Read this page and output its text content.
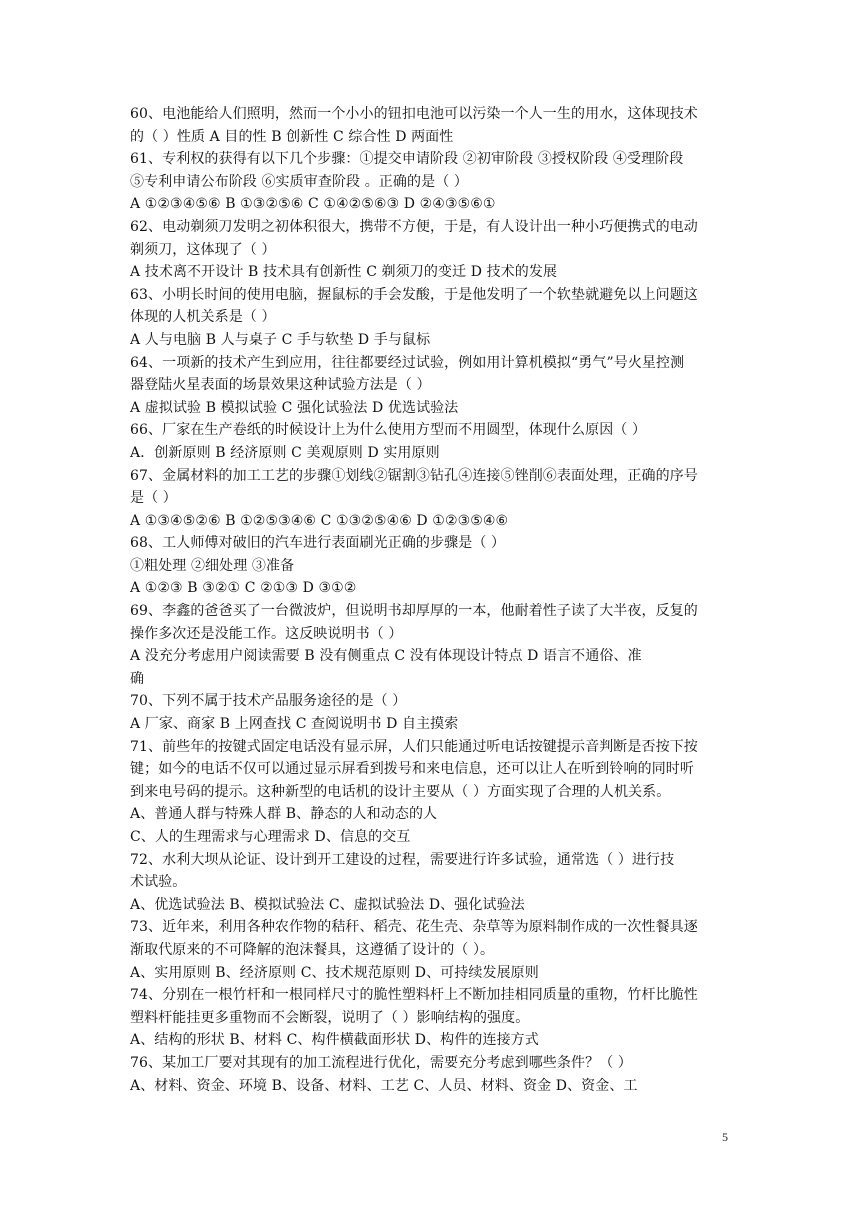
60、电池能给人们照明，然而一个小小的钮扣电池可以污染一个人一生的用水，这体现技术
的（ ）性质 A 目的性 B 创新性 C 综合性 D 两面性
61、专利权的获得有以下几个步骤：①提交申请阶段 ②初审阶段 ③授权阶段 ④受理阶段
⑤专利申请公布阶段 ⑥实质审查阶段 。正确的是（ ）
A ①②③④⑤⑥ B ①③②⑤⑥ C ①④②⑤⑥③ D ②④③⑤⑥①
62、电动剃须刀发明之初体积很大，携带不方便，于是，有人设计出一种小巧便携式的电动
剃须刀，这体现了（ ）
A 技术离不开设计 B 技术具有创新性 C 剃须刀的变迁 D 技术的发展
63、小明长时间的使用电脑，握鼠标的手会发酸，于是他发明了一个软垫就避免以上问题这
体现的人机关系是（ ）
A 人与电脑 B 人与桌子 C 手与软垫 D 手与鼠标
64、一项新的技术产生到应用，往往都要经过试验，例如用计算机模拟“勇气”号火星控测
器登陆火星表面的场景效果这种试验方法是（ ）
A 虚拟试验 B 模拟试验 C 强化试验法 D 优选试验法
66、厂家在生产卷纸的时候设计上为什么使用方型而不用圆型，体现什么原因（ ）
A．创新原则 B 经济原则 C 美观原则 D 实用原则
67、金属材料的加工工艺的步骤①划线②锯割③钻孔④连接⑤锉削⑥表面处理，正确的序号
是（ ）
A ①③④⑤②⑥ B ①②⑤③④⑥ C ①③②⑤④⑥ D ①②③⑤④⑥
68、工人师傅对破旧的汽车进行表面刷光正确的步骤是（ ）
①粗处理 ②细处理 ③准备
A ①②③ B ③②① C ②①③ D ③①②
69、李鑫的爸爸买了一台微波炉，但说明书却厚厚的一本，他耐着性子读了大半夜，反复的
操作多次还是没能工作。这反映说明书（ ）
A 没充分考虑用户阅读需要 B 没有侧重点 C 没有体现设计特点 D 语言不通俗、准
确
70、下列不属于技术产品服务途径的是（ ）
A 厂家、商家 B 上网查找 C 查阅说明书 D 自主摸索
71、前些年的按键式固定电话没有显示屏，人们只能通过听电话按键提示音判断是否按下按
键；如今的电话不仅可以通过显示屏看到拨号和来电信息，还可以让人在听到铃响的同时听
到来电号码的提示。这种新型的电话机的设计主要从（ ）方面实现了合理的人机关系。
A、普通人群与特殊人群 B、静态的人和动态的人
C、人的生理需求与心理需求 D、信息的交互
72、水利大坝从论证、设计到开工建设的过程，需要进行许多试验，通常选（ ）进行技
术试验。
A、优选试验法 B、模拟试验法 C、虚拟试验法 D、强化试验法
73、近年来，利用各种农作物的秸秆、稻壳、花生壳、杂草等为原料制作成的一次性餐具逐
渐取代原来的不可降解的泡沫餐具，这遵循了设计的（ ）。
A、实用原则 B、经济原则 C、技术规范原则 D、可持续发展原则
74、分别在一根竹杆和一根同样尺寸的脆性塑料杆上不断加挂相同质量的重物，竹杆比脆性
塑料杆能挂更多重物而不会断裂，说明了（ ）影响结构的强度。
A、结构的形状 B、材料 C、构件横截面形状 D、构件的连接方式
76、某加工厂要对其现有的加工流程进行优化，需要充分考虑到哪些条件？（ ）
A、材料、资金、环境 B、设备、材料、工艺 C、人员、材料、资金 D、资金、工
5
